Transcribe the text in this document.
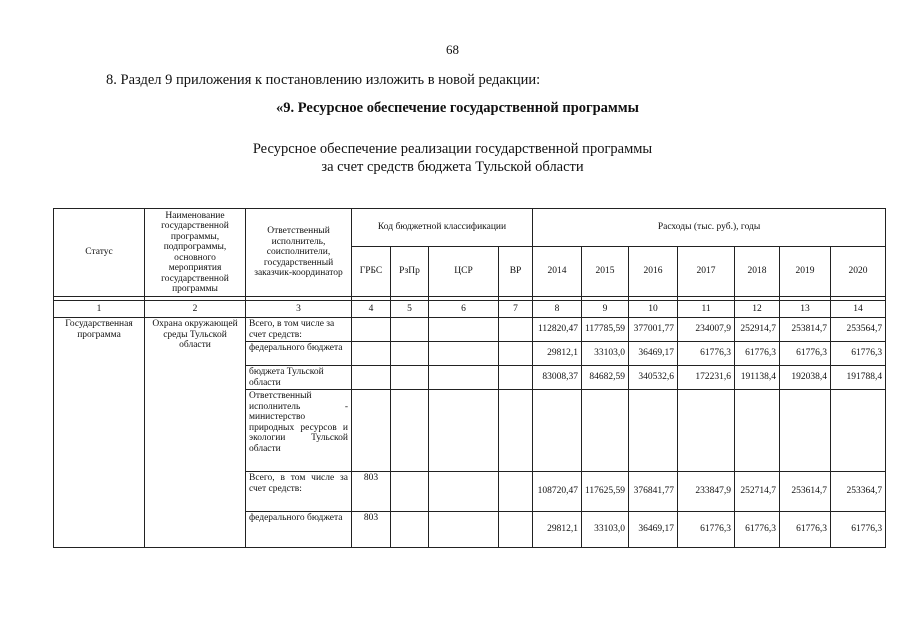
68
8. Раздел 9 приложения к постановлению изложить в новой редакции:
«9. Ресурсное обеспечение государственной программы
Ресурсное обеспечение реализации государственной программы
за счет средств бюджета Тульской области
Статус	Наименование государственной программы, подпрограммы, основного мероприятия государственной программы	Ответственный исполнитель, соисполнители, государственный заказчик-координатор	Код бюджетной классификации				Расходы (тыс. руб.), годы						
			ГРБС	РзПр	ЦСР	ВР	2014	2015	2016	2017	2018	2019	2020

1	2	3	4	5	6	7	8	9	10	11	12	13	14
Государственная программа	Охрана окружающей среды Тульской области	Всего, в том числе за счет средств:					112820,47	117785,59	377001,77	234007,9	252914,7	253814,7	253564,7
		федерального бюджета					29812,1	33103,0	36469,17	61776,3	61776,3	61776,3	61776,3
		бюджета Тульской области					83008,37	84682,59	340532,6	172231,6	191138,4	192038,4	191788,4
		Ответственный исполнитель - министерство природных ресурсов и экологии Тульской области											
		Всего, в том числе за счет средств:	803				108720,47	117625,59	376841,77	233847,9	252714,7	253614,7	253364,7
		федерального бюджета	803				29812,1	33103,0	36469,17	61776,3	61776,3	61776,3	61776,3
